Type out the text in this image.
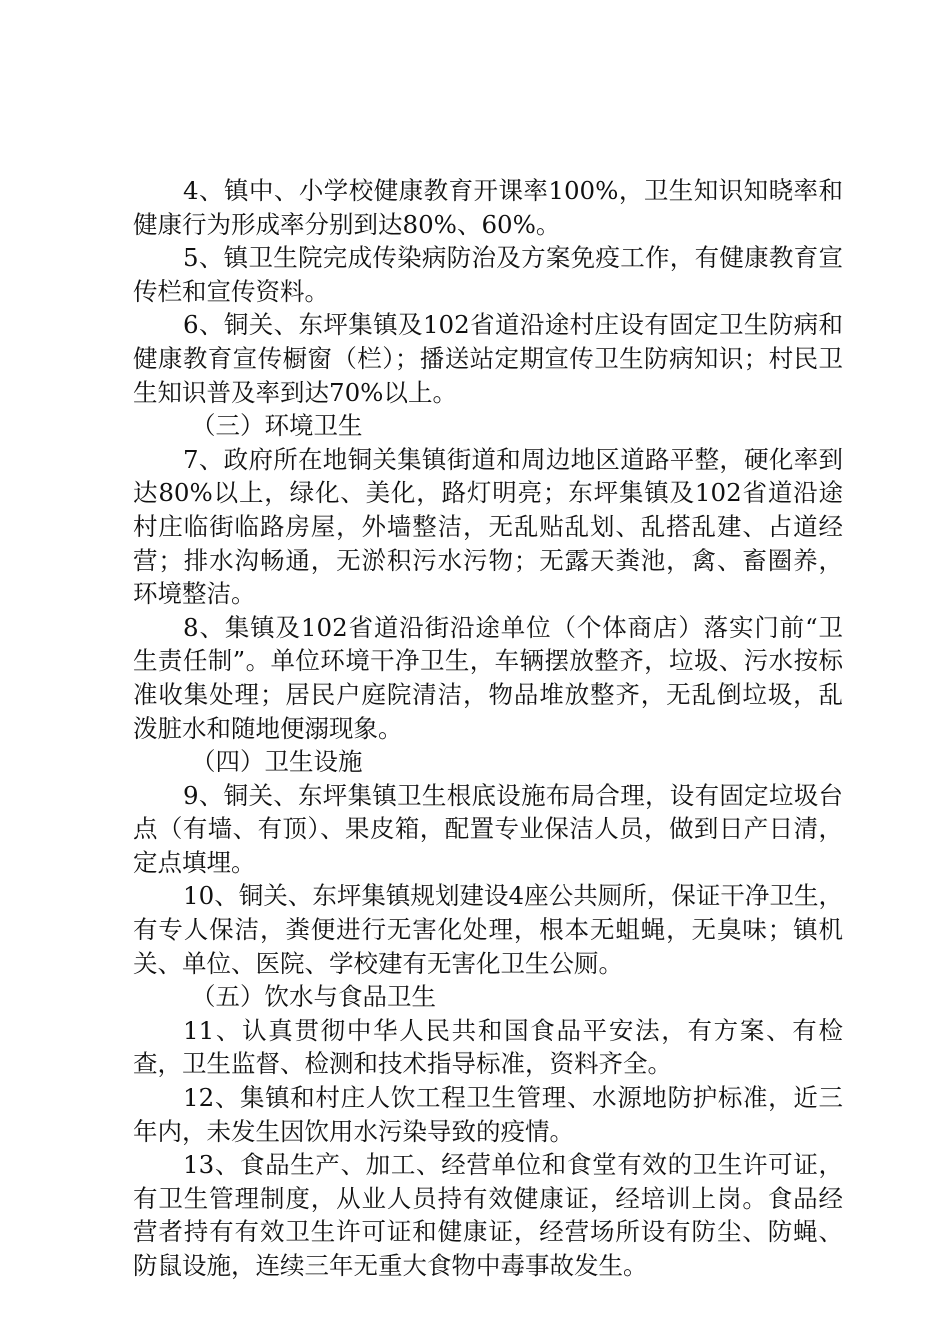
4、镇中、小学校健康教育开课率100%，卫生知识知晓率和健康行为形成率分别到达80%、60%。

5、镇卫生院完成传染病防治及方案免疫工作，有健康教育宣传栏和宣传资料。

6、铜关、东坪集镇及102省道沿途村庄设有固定卫生防病和健康教育宣传橱窗（栏）；播送站定期宣传卫生防病知识；村民卫生知识普及率到达70%以上。

（三）环境卫生

7、政府所在地铜关集镇街道和周边地区道路平整，硬化率到达80%以上，绿化、美化，路灯明亮；东坪集镇及102省道沿途村庄临街临路房屋，外墙整洁，无乱贴乱划、乱搭乱建、占道经营；排水沟畅通，无淤积污水污物；无露天粪池，禽、畜圈养，环境整洁。

8、集镇及102省道沿街沿途单位（个体商店）落实门前“卫生责任制”。单位环境干净卫生，车辆摆放整齐，垃圾、污水按标准收集处理；居民户庭院清洁，物品堆放整齐，无乱倒垃圾，乱泼脏水和随地便溺现象。

（四）卫生设施

9、铜关、东坪集镇卫生根底设施布局合理，设有固定垃圾台点（有墙、有顶）、果皮箱，配置专业保洁人员，做到日产日清，定点填埋。

10、铜关、东坪集镇规划建设4座公共厕所，保证干净卫生，有专人保洁，粪便进行无害化处理，根本无蛆蝇，无臭味；镇机关、单位、医院、学校建有无害化卫生公厕。

（五）饮水与食品卫生

11、认真贯彻中华人民共和国食品平安法，有方案、有检查，卫生监督、检测和技术指导标准，资料齐全。

12、集镇和村庄人饮工程卫生管理、水源地防护标准，近三年内，未发生因饮用水污染导致的疫情。

13、食品生产、加工、经营单位和食堂有效的卫生许可证，有卫生管理制度，从业人员持有效健康证，经培训上岗。食品经营者持有有效卫生许可证和健康证，经营场所设有防尘、防蝇、防鼠设施，连续三年无重大食物中毒事故发生。
